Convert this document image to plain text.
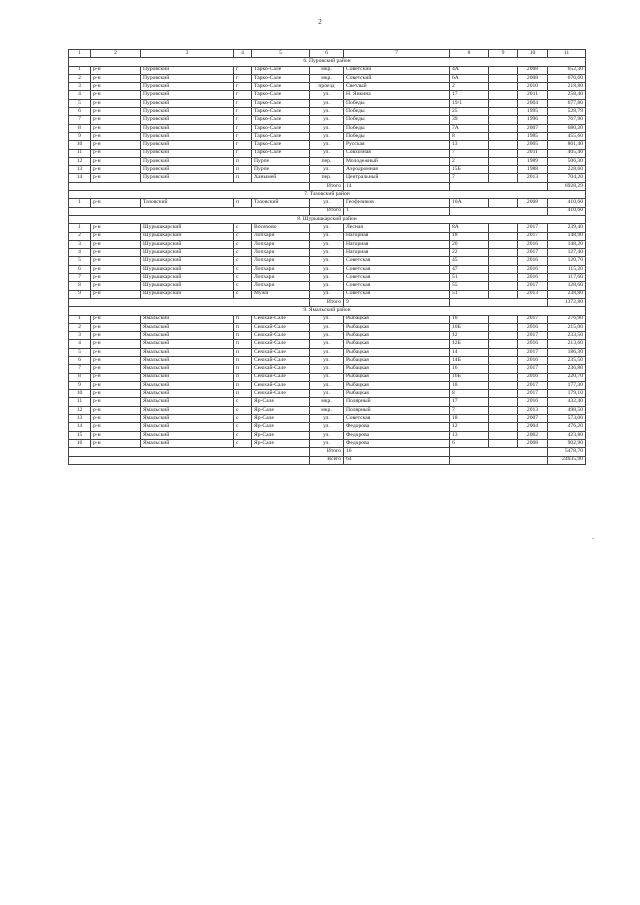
2
1	2	3	4	5	6	7	8	9	10	11
6. Пуровский район										
1	р-н	Пуровский	г	Тарко-Сале	мкр.	Советский	4А		2008	652,30
2	р-н	Пуровский	г	Тарко-Сале	мкр.	Советский	6А		2008	676,60
3	р-н	Пуровский	г	Тарко-Сале	проезд	Светлый	2		2010	218,80
4	р-н	Пуровский	г	Тарко-Сале	ул.	Н. Янкина	17		2011	258,40
5	р-н	Пуровский	г	Тарко-Сале	ул.	Победы	19/1		2004	677,80
6	р-н	Пуровский	г	Тарко-Сале	ул.	Победы	25		1995	528,79
7	р-н	Пуровский	г	Тарко-Сале	ул.	Победы	39		1996	767,90
8	р-н	Пуровский	г	Тарко-Сале	ул.	Победы	7А		2007	680,20
9	р-н	Пуровский	г	Тарко-Сале	ул.	Победы	8		1985	455,60
10	р-н	Пуровский	г	Тарко-Сале	ул.	Русская	13		2005	801,40
11	р-н	Пуровский	г	Тарко-Сале	ул.	Совхозная	7		2011	405,40
12	р-н	Пуровский	п	Пурпе	пер.	Молодежный	2		1989	506,30
13	р-н	Пуровский	п	Пурпе	ул.	Аэродромная	15Б		1988	228,60
14	р-н	Пуровский	п	Ханымей	пер.	Центральный	7		2013	704,20
					Итого	14				6928,29
7. Тазовский район										
1	р-н	Тазовский	п	Тазовский	ул.	Геофизиков	10А		2008	410,60
					Итого	1				410,60
8. Шурышкарский район										
1	р-н	Шурышкарский	с	Восяхово	ул.	Лесная	8А		2017	239,40
2	р-н	Шурышкарский	с	Лопхари	ул.	Нагорная	18		2017	148,90
3	р-н	Шурышкарский	с	Лопхари	ул.	Нагорная	20		2016	148,20
4	р-н	Шурышкарский	с	Лопхари	ул.	Нагорная	22		2017	127,40
5	р-н	Шурышкарский	с	Лопхари	ул.	Советская	45		2016	120,70
6	р-н	Шурышкарский	с	Лопхари	ул.	Советская	47		2016	115,20
7	р-н	Шурышкарский	с	Лопхари	ул.	Советская	51		2016	117,60
8	р-н	Шурышкарский	с	Лопхари	ул.	Советская	55		2017	128,60
9	р-н	Шурышкарский	с	Мужи	ул.	Советская	51		2013	238,80
					Итого	9				1372,80
9. Ямальский район										
1	р-н	Ямальский	п	Сеюхай-Сале	ул.	Рыбацкая	10		2017	276,90
2	р-н	Ямальский	п	Сеюхай-Сале	ул.	Рыбацкая	10Б		2016	215,00
3	р-н	Ямальский	п	Сеюхай-Сале	ул.	Рыбацкая	12		2017	233,50
4	р-н	Ямальский	п	Сеюхай-Сале	ул.	Рыбацкая	12Б		2016	213,60
5	р-н	Ямальский	п	Сеюхай-Сале	ул.	Рыбацкая	14		2017	186,30
6	р-н	Ямальский	п	Сеюхай-Сале	ул.	Рыбацкая	14Б		2016	235,50
7	р-н	Ямальский	п	Сеюхай-Сале	ул.	Рыбацкая	16		2017	236,80
8	р-н	Ямальский	п	Сеюхай-Сале	ул.	Рыбацкая	16Б		2016	220,70
9	р-н	Ямальский	п	Сеюхай-Сале	ул.	Рыбацкая	18		2017	177,30
10	р-н	Ямальский	п	Сеюхай-Сале	ул.	Рыбацкая	8		2017	179,10
11	р-н	Ямальский	с	Яр-Сале	мкр.	Полярный	17		2016	432,40
12	р-н	Ямальский	с	Яр-Сале	мкр.	Полярный	7		2013	498,50
13	р-н	Ямальский	с	Яр-Сале	ул.	Советская	18		2007	573,00
14	р-н	Ямальский	с	Яр-Сале	ул.	Федорова	12		2004	476,20
15	р-н	Ямальский	с	Яр-Сале	ул.	Федорова	13		2002	423,80
16	р-н	Ямальский	с	Яр-Сале	ул.	Федорова	6		2008	902,90
					Итого	16				5478,70
					Всего	64				24035,90
-
